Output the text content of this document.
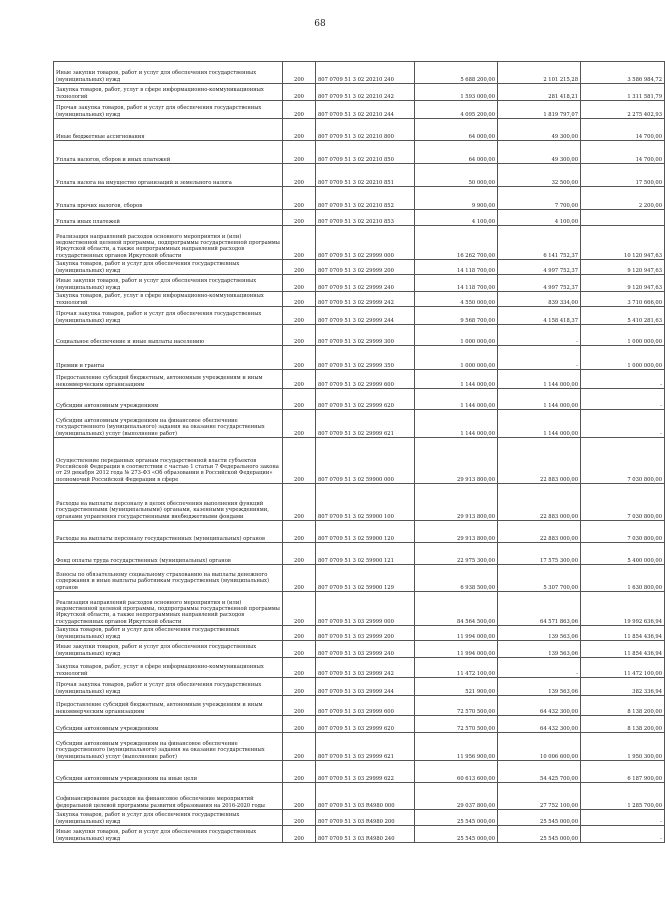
68
Иные закупки товаров, работ и услуг для обеспечения государственных (муниципальных) нужд	200	807 0709 51 3 02 20210 240	5 688 200,00	2 101 215,28	3 586 984,72
Закупка товаров, работ, услуг в сфере информационно-коммуникационных технологий	200	807 0709 51 3 02 20210 242	1 593 000,00	281 418,21	1 311 581,79
Прочая закупка товаров, работ и услуг для обеспечения государственных (муниципальных) нужд	200	807 0709 51 3 02 20210 244	4 095 200,00	1 819 797,07	2 275 402,93
Иные бюджетные ассигнования	200	807 0709 51 3 02 20210 800	64 000,00	49 300,00	14 700,00
Уплата налогов, сборов и иных платежей	200	807 0709 51 3 02 20210 850	64 000,00	49 300,00	14 700,00
Уплата налога на имущество организаций и земельного налога	200	807 0709 51 3 02 20210 851	50 000,00	32 500,00	17 500,00
Уплата прочих налогов, сборов	200	807 0709 51 3 02 20210 852	9 900,00	7 700,00	2 200,00
Уплата иных платежей	200	807 0709 51 3 02 20210 853	4 100,00	4 100,00	
Реализация направлений расходов основного мероприятия и (или) ведомственной целевой программы, подпрограммы государственной программы Иркутской области, а также непрограммных направлений расходов государственных органов Иркутской области	200	807 0709 51 3 02 29999 000	16 262 700,00	6 141 752,37	10 120 947,63
Закупка товаров, работ и услуг для обеспечения государственных (муниципальных) нужд	200	807 0709 51 3 02 29999 200	14 118 700,00	4 997 752,37	9 120 947,63
Иные закупки товаров, работ и услуг для обеспечения государственных (муниципальных) нужд	200	807 0709 51 3 02 29999 240	14 118 700,00	4 997 752,37	9 120 947,63
Закупка товаров, работ, услуг в сфере информационно-коммуникационных технологий	200	807 0709 51 3 02 29999 242	4 550 000,00	839 334,00	3 710 666,00
Прочая закупка товаров, работ и услуг для обеспечения государственных (муниципальных) нужд	200	807 0709 51 3 02 29999 244	9 568 700,00	4 158 418,37	5 410 281,63
Социальное обеспечение и иные выплаты населению	200	807 0709 51 3 02 29999 300	1 000 000,00	-	1 000 000,00
Премии и гранты	200	807 0709 51 3 02 29999 350	1 000 000,00	-	1 000 000,00
Предоставление субсидий бюджетным, автономным учреждениям и иным некоммерческим организациям	200	807 0709 51 3 02 29999 600	1 144 000,00	1 144 000,00	-
Субсидии автономным учреждениям	200	807 0709 51 3 02 29999 620	1 144 000,00	1 144 000,00	-
Субсидии автономным учреждениям на финансовое обеспечение государственного (муниципального) задания на оказание государственных (муниципальных) услуг (выполнение работ)	200	807 0709 51 3 02 29999 621	1 144 000,00	1 144 000,00	-
Осуществление переданных органам государственной власти субъектов Российской Федерации в соответствии с частью 1 статьи 7 Федерального закона от 29 декабря 2012 года № 273-ФЗ «Об образовании в Российской Федерации» полномочий Российской Федерации в сфере	200	807 0709 51 3 02 59900 000	29 913 800,00	22 883 000,00	7 030 800,00
Расходы на выплаты персоналу в целях обеспечения выполнения функций государственными (муниципальными) органами, казенными учреждениями, органами управления государственными внебюджетными фондами	200	807 0709 51 3 02 59900 100	29 913 800,00	22 883 000,00	7 030 800,00
Расходы на выплаты персоналу государственных (муниципальных) органов	200	807 0709 51 3 02 59900 120	29 913 800,00	22 883 000,00	7 030 800,00
Фонд оплаты труда государственных (муниципальных) органов	200	807 0709 51 3 02 59900 121	22 975 300,00	17 575 300,00	5 400 000,00
Взносы по обязательному социальному страхованию на выплаты денежного содержания и иные выплаты работникам государственных (муниципальных) органов	200	807 0709 51 3 02 59900 129	6 938 500,00	5 307 700,00	1 630 800,00
Реализация направлений расходов основного мероприятия и (или) ведомственной целевой программы, подпрограммы государственной программы Иркутской области, а также непрограммных направлений расходов государственных органов Иркутской области	200	807 0709 51 3 03 29999 000	84 564 500,00	64 571 863,06	19 992 636,94
Закупка товаров, работ и услуг для обеспечения государственных (муниципальных) нужд	200	807 0709 51 3 03 29999 200	11 994 000,00	139 563,06	11 854 436,94
Иные закупки товаров, работ и услуг для обеспечения государственных (муниципальных) нужд	200	807 0709 51 3 03 29999 240	11 994 000,00	139 563,06	11 854 436,94
Закупка товаров, работ, услуг в сфере информационно-коммуникационных технологий	200	807 0709 51 3 03 29999 242	11 472 100,00	-	11 472 100,00
Прочая закупка товаров, работ и услуг для обеспечения государственных (муниципальных) нужд	200	807 0709 51 3 03 29999 244	521 900,00	139 563,06	382 336,94
Предоставление субсидий бюджетным, автономным учреждениям и иным некоммерческим организациям	200	807 0709 51 3 03 29999 600	72 570 500,00	64 432 300,00	8 138 200,00
Субсидии автономным учреждениям	200	807 0709 51 3 03 29999 620	72 570 500,00	64 432 300,00	8 138 200,00
Субсидии автономным учреждениям на финансовое обеспечение государственного (муниципального) задания на оказание государственных (муниципальных) услуг (выполнение работ)	200	807 0709 51 3 03 29999 621	11 956 900,00	10 006 600,00	1 950 300,00
Субсидии автономным учреждениям на иные цели	200	807 0709 51 3 03 29999 622	60 613 600,00	54 425 700,00	6 187 900,00
Софинансирование расходов на финансовое обеспечение мероприятий федеральной целевой программы развития образования на 2016-2020 годы	200	807 0709 51 3 03 R4980 000	29 037 800,00	27 752 100,00	1 285 700,00
Закупка товаров, работ и услуг для обеспечения государственных (муниципальных) нужд	200	807 0709 51 3 03 R4980 200	25 545 000,00	25 545 000,00	-
Иные закупки товаров, работ и услуг для обеспечения государственных (муниципальных) нужд	200	807 0709 51 3 03 R4980 240	25 545 000,00	25 545 000,00	-
